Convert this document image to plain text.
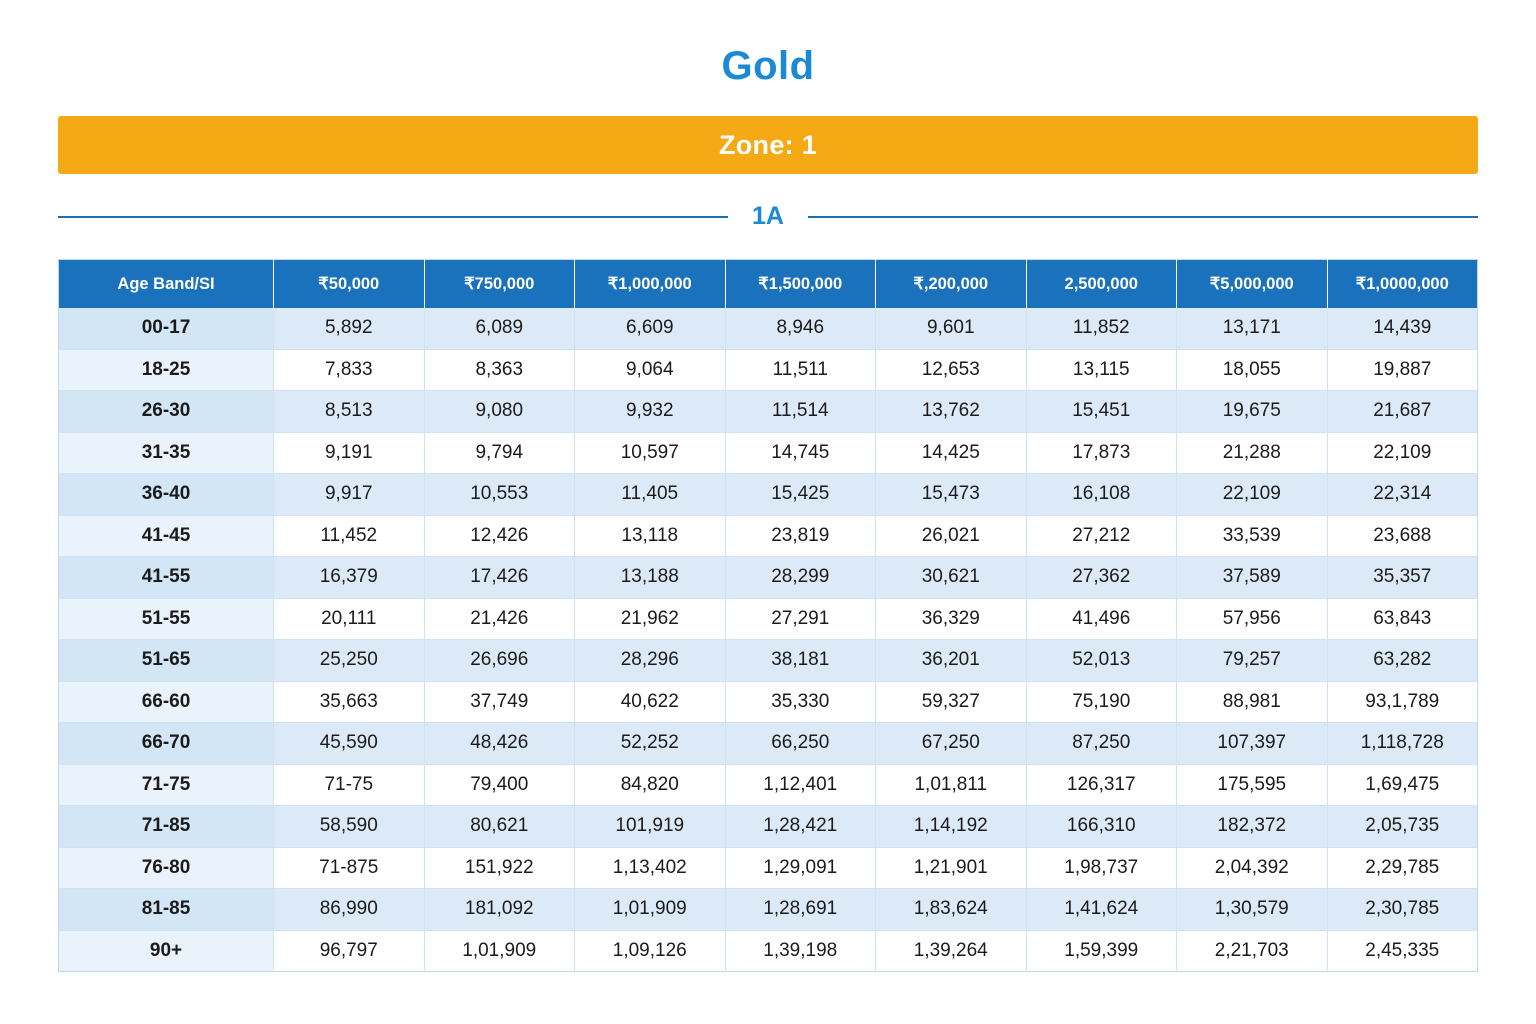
Gold
Zone: 1
1A
Age Band/SI	₹50,000	₹750,000	₹1,000,000	₹1,500,000	₹,200,000	2,500,000	₹5,000,000	₹1,0000,000
00-17	5,892	6,089	6,609	8,946	9,601	11,852	13,171	14,439
18-25	7,833	8,363	9,064	11,511	12,653	13,115	18,055	19,887
26-30	8,513	9,080	9,932	11,514	13,762	15,451	19,675	21,687
31-35	9,191	9,794	10,597	14,745	14,425	17,873	21,288	22,109
36-40	9,917	10,553	11,405	15,425	15,473	16,108	22,109	22,314
41-45	11,452	12,426	13,118	23,819	26,021	27,212	33,539	23,688
41-55	16,379	17,426	13,188	28,299	30,621	27,362	37,589	35,357
51-55	20,111	21,426	21,962	27,291	36,329	41,496	57,956	63,843
51-65	25,250	26,696	28,296	38,181	36,201	52,013	79,257	63,282
66-60	35,663	37,749	40,622	35,330	59,327	75,190	88,981	93,1,789
66-70	45,590	48,426	52,252	66,250	67,250	87,250	107,397	1,118,728
71-75	71-75	79,400	84,820	1,12,401	1,01,811	126,317	175,595	1,69,475
71-85	58,590	80,621	101,919	1,28,421	1,14,192	166,310	182,372	2,05,735
76-80	71-875	151,922	1,13,402	1,29,091	1,21,901	1,98,737	2,04,392	2,29,785
81-85	86,990	181,092	1,01,909	1,28,691	1,83,624	1,41,624	1,30,579	2,30,785
90+	96,797	1,01,909	1,09,126	1,39,198	1,39,264	1,59,399	2,21,703	2,45,335
